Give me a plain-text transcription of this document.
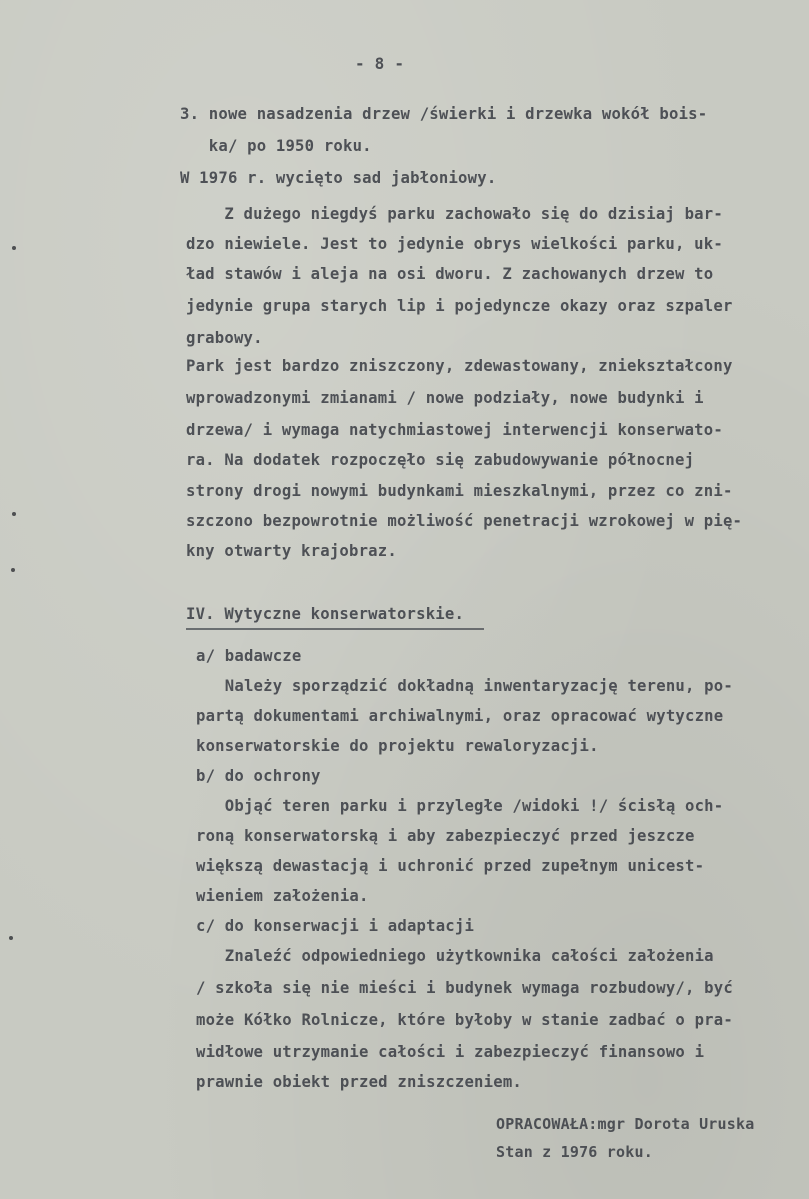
- 8 -
3. nowe nasadzenia drzew /świerki i drzewka wokół bois-
ka/ po 1950 roku.
W 1976 r. wycięto sad jabłoniowy.
Z dużego niegdyś parku zachowało się do dzisiaj bar-
dzo niewiele. Jest to jedynie obrys wielkości parku, uk-
ład stawów i aleja na osi dworu. Z zachowanych drzew to
jedynie grupa starych lip i pojedyncze okazy oraz szpaler
grabowy.
Park jest bardzo zniszczony, zdewastowany, zniekształcony
wprowadzonymi zmianami / nowe podziały, nowe budynki i
drzewa/ i wymaga natychmiastowej interwencji konserwato-
ra. Na dodatek rozpoczęło się zabudowywanie północnej
strony drogi nowymi budynkami mieszkalnymi, przez co zni-
szczono bezpowrotnie możliwość penetracji wzrokowej w pię-
kny otwarty krajobraz.
IV. Wytyczne konserwatorskie.
a/ badawcze
Należy sporządzić dokładną inwentaryzację terenu, po-
partą dokumentami archiwalnymi, oraz opracować wytyczne
konserwatorskie do projektu rewaloryzacji.
b/ do ochrony
Objąć teren parku i przyległe /widoki !/ ścisłą och-
roną konserwatorską i aby zabezpieczyć przed jeszcze
większą dewastacją i uchronić przed zupełnym unicest-
wieniem założenia.
c/ do konserwacji i adaptacji
Znaleźć odpowiedniego użytkownika całości założenia
/ szkoła się nie mieści i budynek wymaga rozbudowy/, być
może Kółko Rolnicze, które byłoby w stanie zadbać o pra-
widłowe utrzymanie całości i zabezpieczyć finansowo i
prawnie obiekt przed zniszczeniem.
OPRACOWAŁA:mgr Dorota Uruska
Stan z 1976 roku.
